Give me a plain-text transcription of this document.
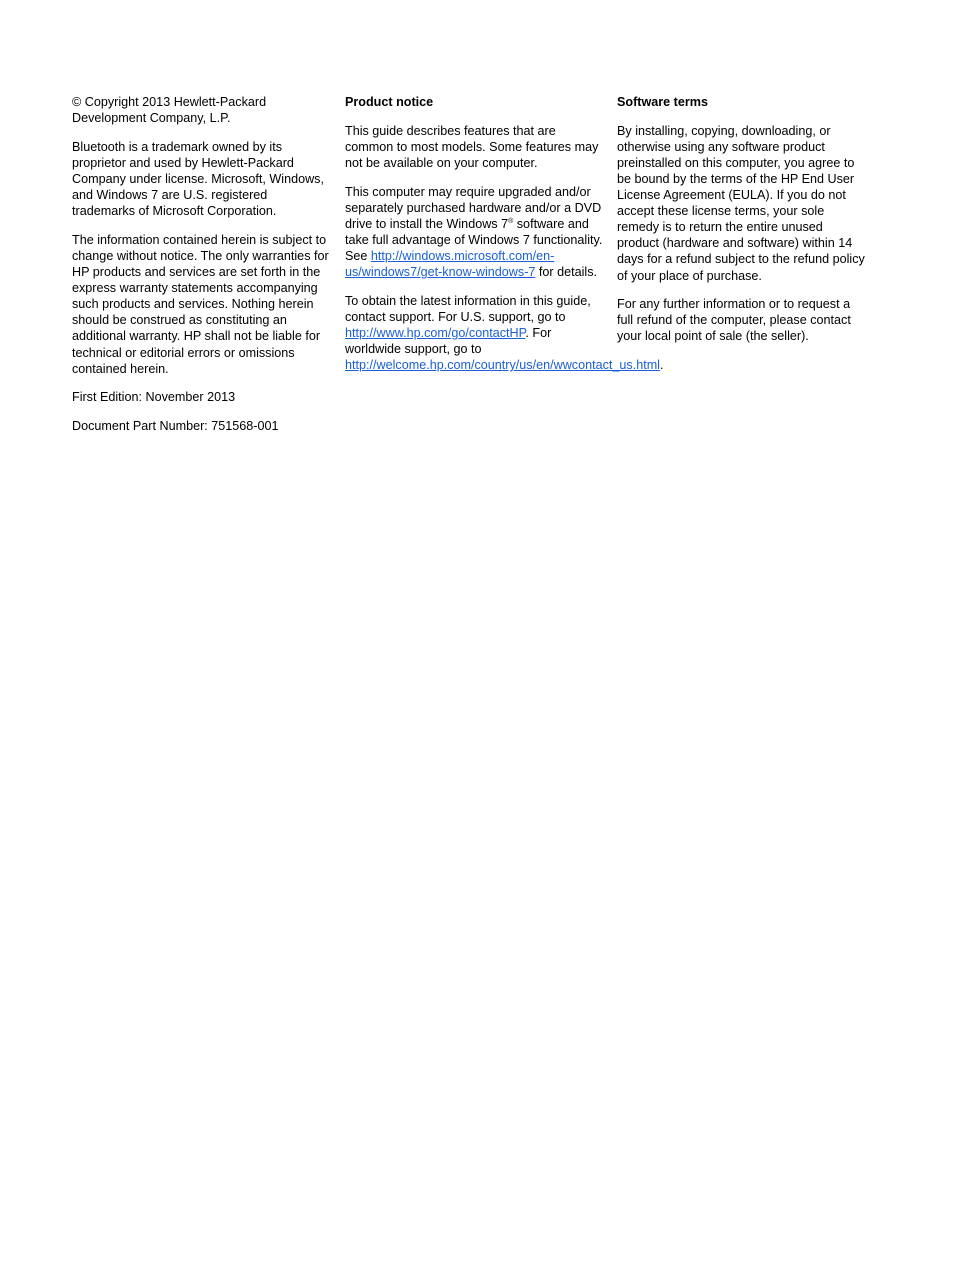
© Copyright 2013 Hewlett-Packard Development Company, L.P.

Bluetooth is a trademark owned by its proprietor and used by Hewlett-Packard Company under license. Microsoft, Windows, and Windows 7 are U.S. registered trademarks of Microsoft Corporation.

The information contained herein is subject to change without notice. The only warranties for HP products and services are set forth in the express warranty statements accompanying such products and services. Nothing herein should be construed as constituting an additional warranty. HP shall not be liable for technical or editorial errors or omissions contained herein.

First Edition: November 2013

Document Part Number: 751568-001

Product notice

This guide describes features that are common to most models. Some features may not be available on your computer.

This computer may require upgraded and/or separately purchased hardware and/or a DVD drive to install the Windows 7® software and take full advantage of Windows 7 functionality. See http://windows.microsoft.com/en-us/windows7/get-know-windows-7 for details.

To obtain the latest information in this guide, contact support. For U.S. support, go to http://www.hp.com/go/contactHP. For worldwide support, go to http://welcome.hp.com/country/us/en/wwcontact_us.html.

Software terms

By installing, copying, downloading, or otherwise using any software product preinstalled on this computer, you agree to be bound by the terms of the HP End User License Agreement (EULA). If you do not accept these license terms, your sole remedy is to return the entire unused product (hardware and software) within 14 days for a refund subject to the refund policy of your place of purchase.

For any further information or to request a full refund of the computer, please contact your local point of sale (the seller).
